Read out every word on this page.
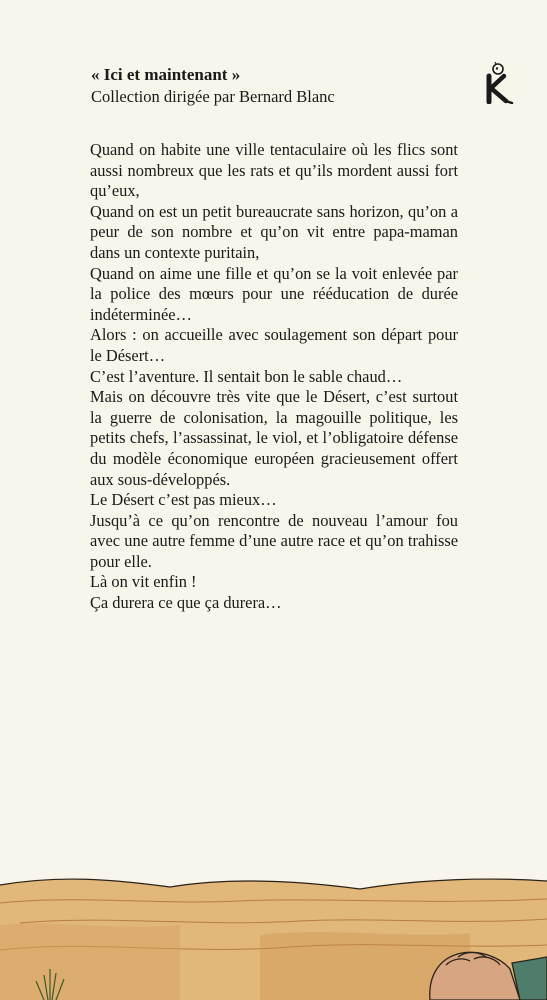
« Ici et maintenant »
Collection dirigée par Bernard Blanc

Quand on habite une ville tentaculaire où les flics sont aussi nombreux que les rats et qu’ils mordent aussi fort qu’eux,

Quand on est un petit bureaucrate sans horizon, qu’on a peur de son nombre et qu’on vit entre papa-maman dans un contexte puritain,

Quand on aime une fille et qu’on se la voit enlevée par la police des mœurs pour une rééducation de durée indéterminée…

Alors : on accueille avec soulagement son départ pour le Désert…

C’est l’aventure. Il sentait bon le sable chaud…

Mais on découvre très vite que le Désert, c’est surtout la guerre de colonisation, la magouille politique, les petits chefs, l’assassinat, le viol, et l’obligatoire défense du modèle économique européen gracieusement offert aux sous-développés.

Le Désert c’est pas mieux…

Jusqu’à ce qu’on rencontre de nouveau l’amour fou avec une autre femme d’une autre race et qu’on trahisse pour elle.

Là on vit enfin !

Ça durera ce que ça durera…
